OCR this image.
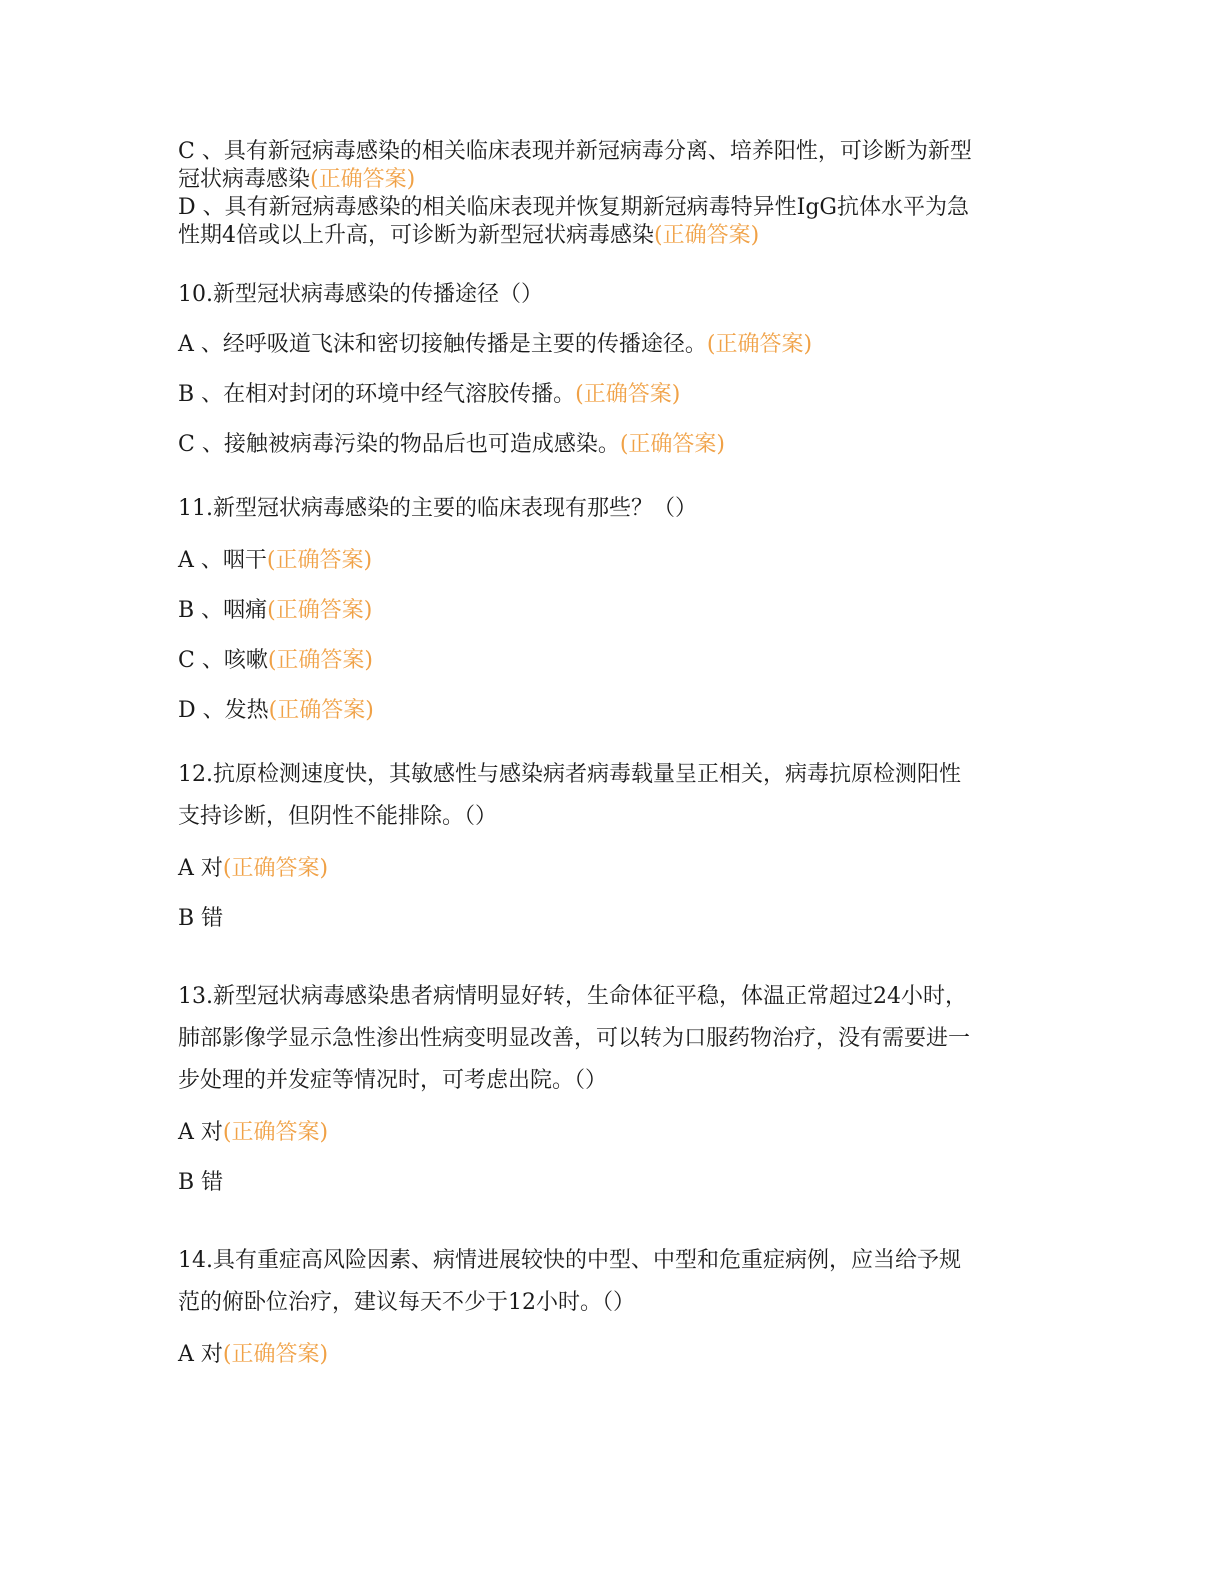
C 、具有新冠病毒感染的相关临床表现并新冠病毒分离、培养阳性，可诊断为新型
冠状病毒感染(正确答案)
D 、具有新冠病毒感染的相关临床表现并恢复期新冠病毒特异性IgG抗体水平为急
性期4倍或以上升高，可诊断为新型冠状病毒感染(正确答案)
10.新型冠状病毒感染的传播途径（）
A 、经呼吸道飞沫和密切接触传播是主要的传播途径。(正确答案)
B 、在相对封闭的环境中经气溶胶传播。(正确答案)
C 、接触被病毒污染的物品后也可造成感染。(正确答案)
11.新型冠状病毒感染的主要的临床表现有那些？（）
A 、咽干(正确答案)
B 、咽痛(正确答案)
C 、咳嗽(正确答案)
D 、发热(正确答案)
12.抗原检测速度快，其敏感性与感染病者病毒载量呈正相关，病毒抗原检测阳性
支持诊断，但阴性不能排除。（）
A 对(正确答案)
B 错
13.新型冠状病毒感染患者病情明显好转，生命体征平稳，体温正常超过24小时，
肺部影像学显示急性渗出性病变明显改善，可以转为口服药物治疗，没有需要进一
步处理的并发症等情况时，可考虑出院。（）
A 对(正确答案)
B 错
14.具有重症高风险因素、病情进展较快的中型、中型和危重症病例，应当给予规
范的俯卧位治疗，建议每天不少于12小时。（）
A 对(正确答案)
